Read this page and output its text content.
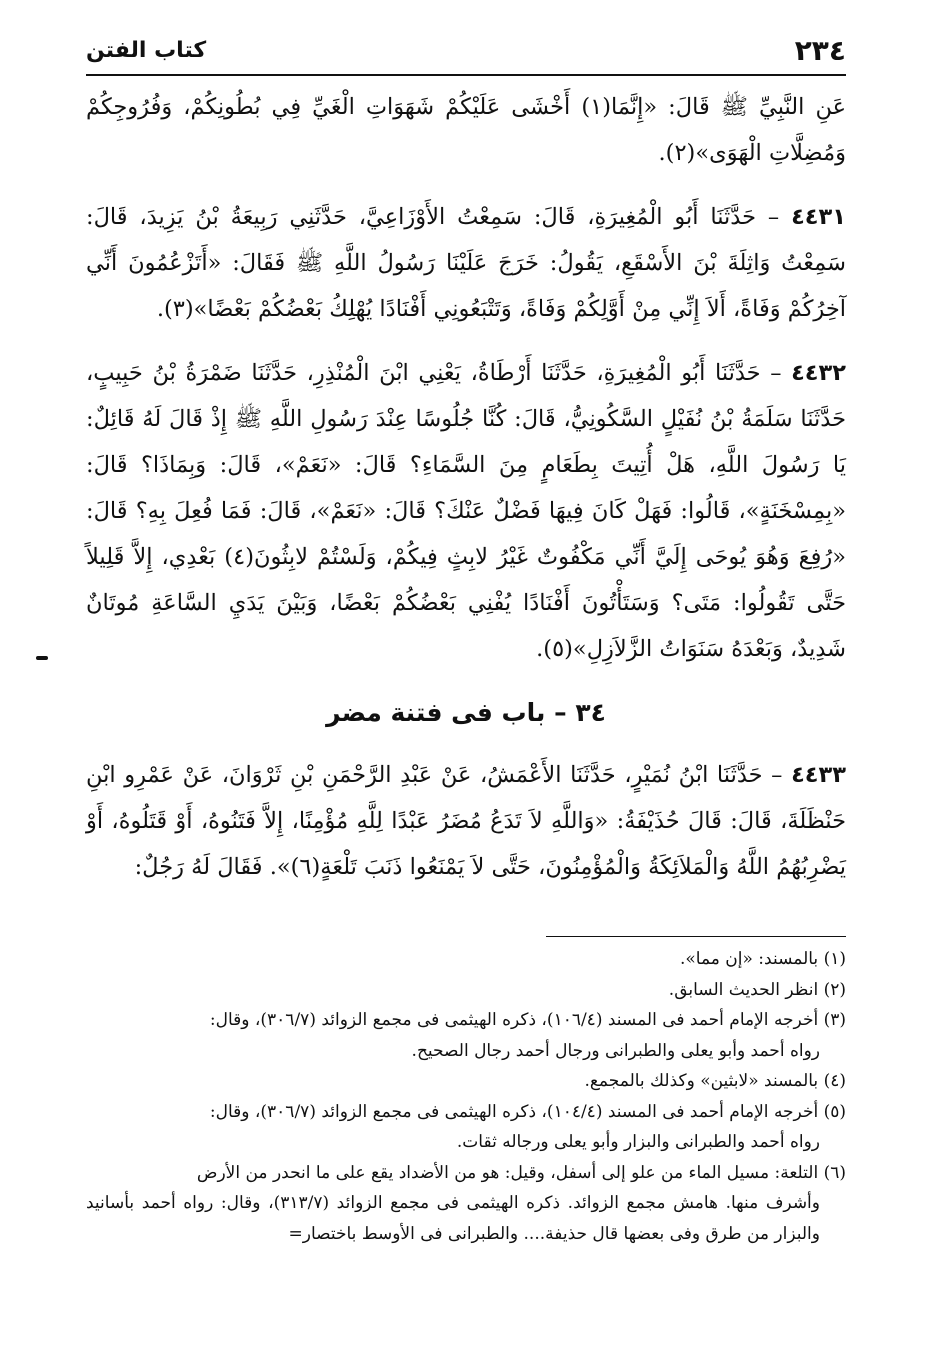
كتاب الفتن	٢٣٤

عَنِ النَّبِيِّ ﷺ قَالَ: «إِنَّمَا(١) أَخْشَى عَلَيْكُمْ شَهَوَاتِ الْغَيِّ فِي بُطُونِكُمْ، وَفُرُوجِكُمْ وَمُضِلَّاتِ الْهَوَى»(٢).

٤٤٣١ – حَدَّثَنَا أَبُو الْمُغِيرَةِ، قَالَ: سَمِعْتُ الأَوْزَاعِيَّ، حَدَّثَنِي رَبِيعَةُ بْنُ يَزِيدَ، قَالَ: سَمِعْتُ وَاثِلَةَ بْنَ الأَسْقَعِ، يَقُولُ: خَرَجَ عَلَيْنَا رَسُولُ اللَّهِ ﷺ فَقَالَ: «أَتَزْعُمُونَ أَنِّي آخِرُكُمْ وَفَاةً، أَلاَ إِنِّي مِنْ أَوَّلِكُمْ وَفَاةً، وَتَتْبَعُونِي أَفْنَادًا يُهْلِكُ بَعْضُكُمْ بَعْضًا»(٣).

٤٤٣٢ – حَدَّثَنَا أَبُو الْمُغِيرَةِ، حَدَّثَنَا أَرْطَاةُ، يَعْنِي ابْنَ الْمُنْذِرِ، حَدَّثَنَا ضَمْرَةُ بْنُ حَبِيبٍ، حَدَّثَنَا سَلَمَةُ بْنُ نُفَيْلٍ السَّكُونِيُّ، قَالَ: كُنَّا جُلُوسًا عِنْدَ رَسُولِ اللَّهِ ﷺ إِذْ قَالَ لَهُ قَائِلٌ: يَا رَسُولَ اللَّهِ، هَلْ أُتِيتَ بِطَعَامٍ مِنَ السَّمَاءِ؟ قَالَ: «نَعَمْ»، قَالَ: وَبِمَاذَا؟ قَالَ: «بِمِسْخَنَةٍ»، قَالُوا: فَهَلْ كَانَ فِيهَا فَضْلٌ عَنْكَ؟ قَالَ: «نَعَمْ»، قَالَ: فَمَا فُعِلَ بِهِ؟ قَالَ: «رُفِعَ وَهُوَ يُوحَى إِلَيَّ أَنِّي مَكْفُوتٌ غَيْرُ لابِثٍ فِيكُمْ، وَلَسْتُمْ لابِثُونَ(٤) بَعْدِي، إِلاَّ قَلِيلاً حَتَّى تَقُولُوا: مَتَى؟ وَسَتَأْتُونَ أَفْنَادًا يُفْنِي بَعْضُكُمْ بَعْضًا، وَبَيْنَ يَدَيِ السَّاعَةِ مُوتَانٌ شَدِيدٌ، وَبَعْدَهُ سَنَوَاتُ الزَّلاَزِلِ»(٥).

٣٤ – باب فى فتنة مضر

٤٤٣٣ – حَدَّثَنَا ابْنُ نُمَيْرٍ، حَدَّثَنَا الأَعْمَشُ، عَنْ عَبْدِ الرَّحْمَنِ بْنِ ثَرْوَانَ، عَنْ عَمْرِو ابْنِ حَنْظَلَةَ، قَالَ: قَالَ حُذَيْفَةُ: «وَاللَّهِ لاَ تَدَعُ مُضَرُ عَبْدًا لِلَّهِ مُؤْمِنًا، إِلاَّ فَتَنُوهُ، أَوْ قَتَلُوهُ، أَوْ يَضْرِبُهُمُ اللَّهُ وَالْمَلاَئِكَةُ وَالْمُؤْمِنُونَ، حَتَّى لاَ يَمْنَعُوا ذَنَبَ تَلْعَةٍ(٦)». فَقَالَ لَهُ رَجُلٌ:

(١) بالمسند: «إن مما».

(٢) انظر الحديث السابق.

(٣) أخرجه الإمام أحمد فى المسند (١٠٦/٤)، ذكره الهيثمى فى مجمع الزوائد (٣٠٦/٧)، وقال:

رواه أحمد وأبو يعلى والطبرانى ورجال أحمد رجال الصحيح.

(٤) بالمسند «لابثين» وكذلك بالمجمع.

(٥) أخرجه الإمام أحمد فى المسند (١٠٤/٤)، ذكره الهيثمى فى مجمع الزوائد (٣٠٦/٧)، وقال:

رواه أحمد والطبرانى والبزار وأبو يعلى ورجاله ثقات.

(٦) التلعة: مسيل الماء من علو إلى أسفل، وقيل: هو من الأضداد يقع على ما انحدر من الأرض

وأشرف منها. هامش مجمع الزوائد. ذكره الهيثمى فى مجمع الزوائد (٣١٣/٧)، وقال: رواه أحمد بأسانيد والبزار من طرق وفى بعضها قال حذيفة.... والطبرانى فى الأوسط باختصار=
